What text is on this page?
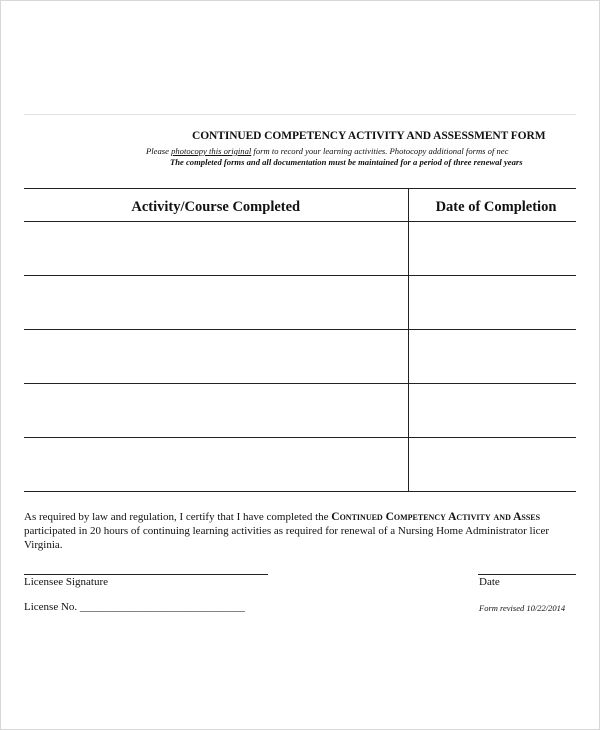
CONTINUED COMPETENCY ACTIVITY AND ASSESSMENT FORM
Please photocopy this original form to record your learning activities. Photocopy additional forms of nec
The completed forms and all documentation must be maintained for a period of three renewal years
Activity/Course Completed	Date of Completion

As required by law and regulation, I certify that I have completed the Continued Competency Activity and Asses
participated in 20 hours of continuing learning activities as required for renewal of a Nursing Home Administrator licer
Virginia.
Licensee Signature	Date
License No. ______________________________	Form revised 10/22/2014
